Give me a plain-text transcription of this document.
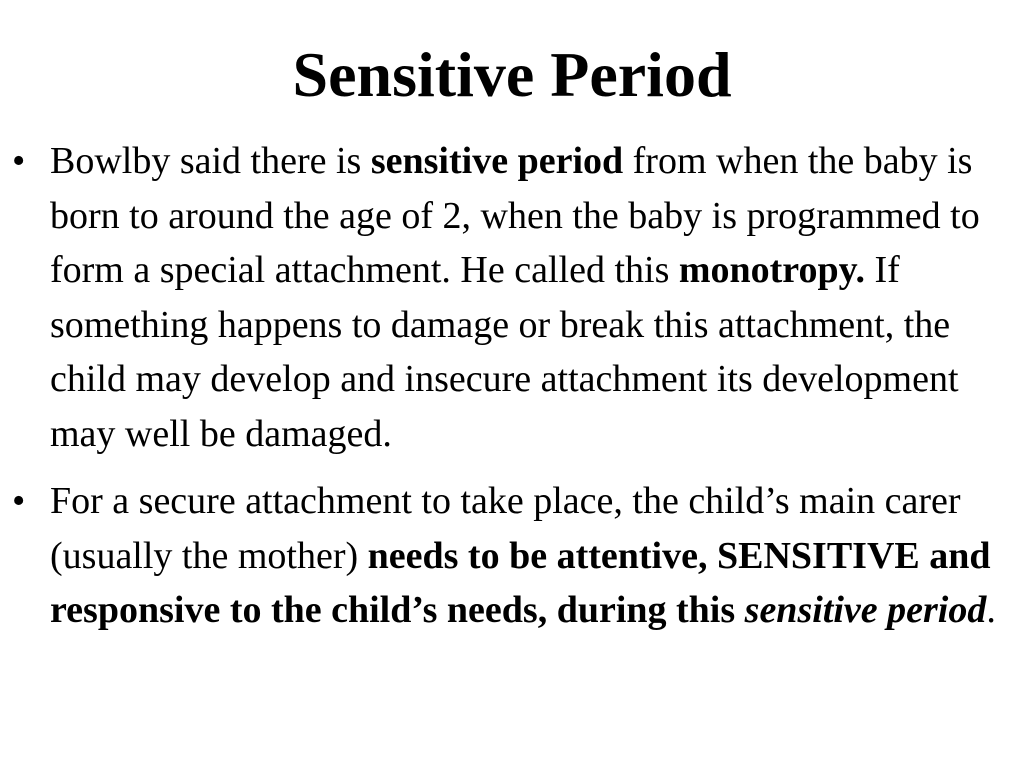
Sensitive Period
• Bowlby said there is sensitive period from when the baby is born to around the age of 2, when the baby is programmed to form a special attachment. He called this monotropy. If something happens to damage or break this attachment, the child may develop and insecure attachment its development may well be damaged.
• For a secure attachment to take place, the child’s main carer (usually the mother) needs to be attentive, SENSITIVE and responsive to the child’s needs, during this sensitive period.
